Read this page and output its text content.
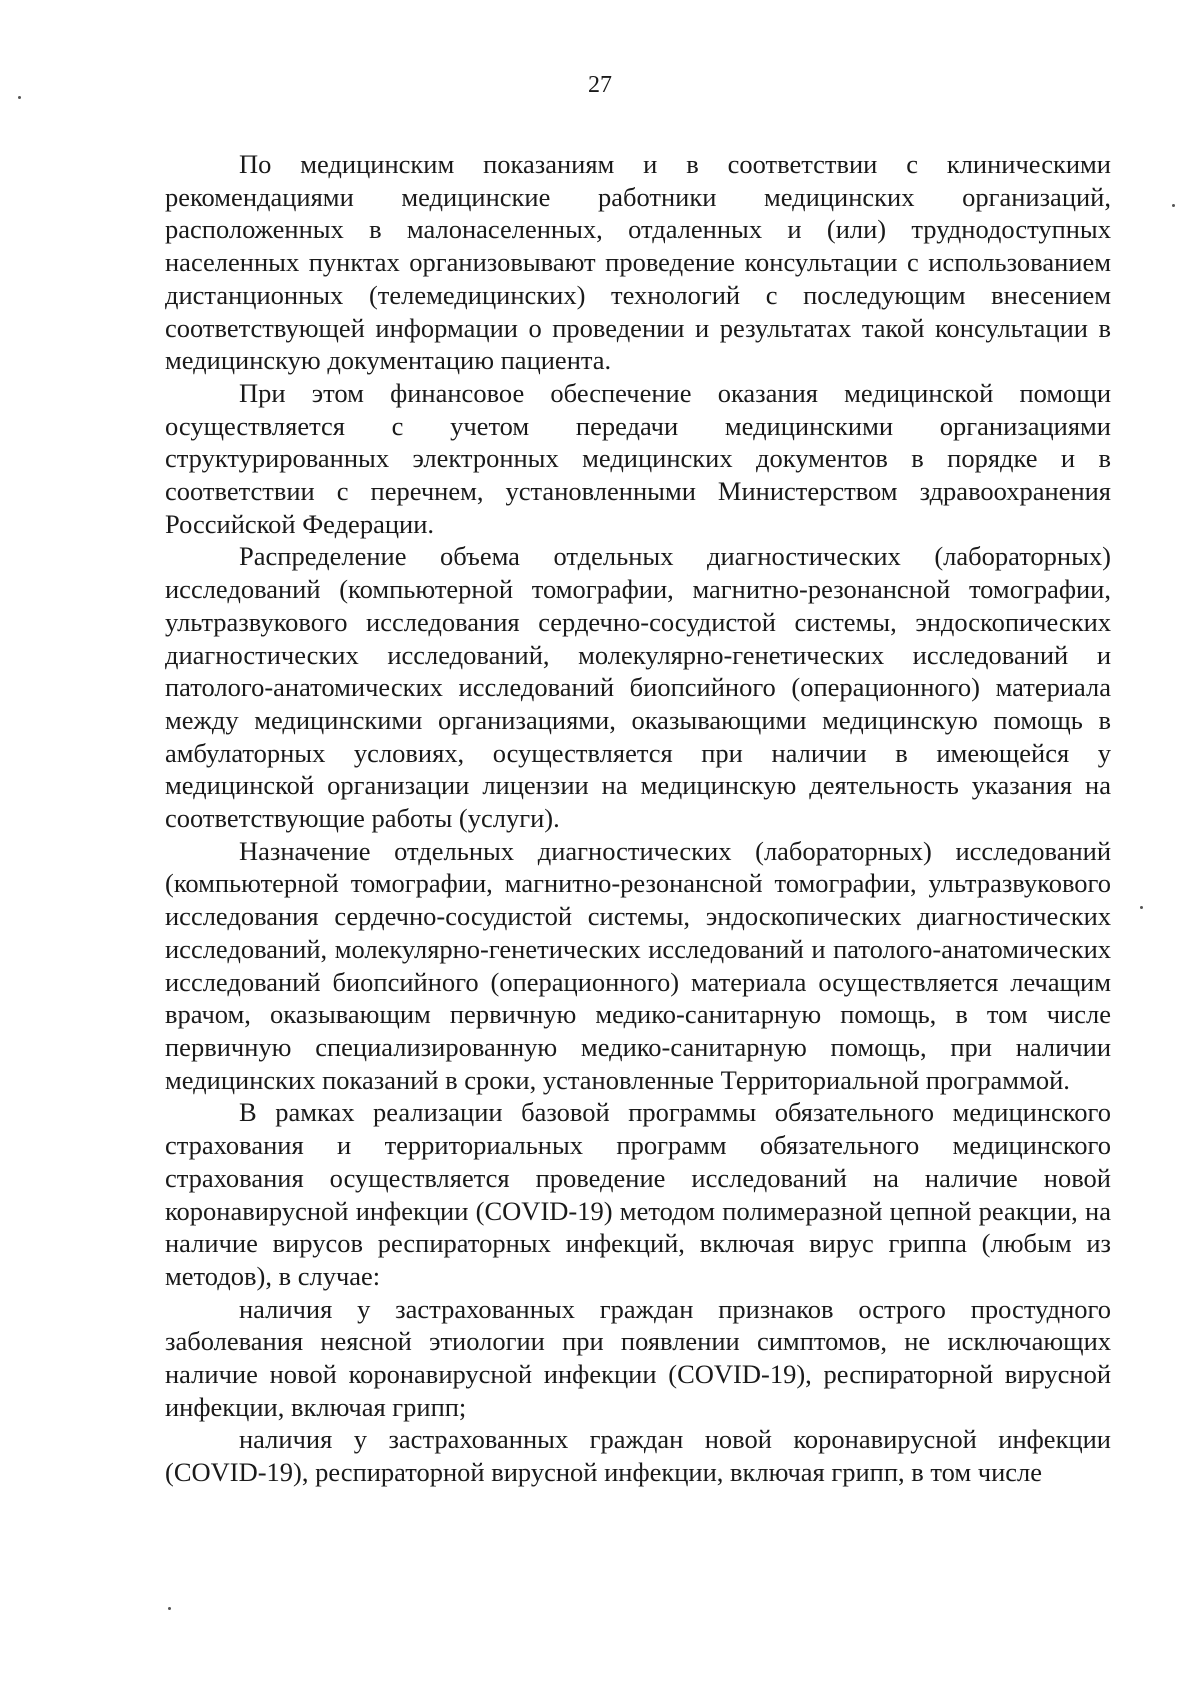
27

По медицинским показаниям и в соответствии с клиническими рекомендациями медицинские работники медицинских организаций, расположенных в малонаселенных, отдаленных и (или) труднодоступных населенных пунктах организовывают проведение консультации с использованием дистанционных (телемедицинских) технологий с последующим внесением соответствующей информации о проведении и результатах такой консультации в медицинскую документацию пациента.

При этом финансовое обеспечение оказания медицинской помощи осуществляется с учетом передачи медицинскими организациями структурированных электронных медицинских документов в порядке и в соответствии с перечнем, установленными Министерством здравоохранения Российской Федерации.

Распределение объема отдельных диагностических (лабораторных) исследований (компьютерной томографии, магнитно-резонансной томографии, ультразвукового исследования сердечно-сосудистой системы, эндоскопических диагностических исследований, молекулярно-генетических исследований и патолого-анатомических исследований биопсийного (операционного) материала между медицинскими организациями, оказывающими медицинскую помощь в амбулаторных условиях, осуществляется при наличии в имеющейся у медицинской организации лицензии на медицинскую деятельность указания на соответствующие работы (услуги).

Назначение отдельных диагностических (лабораторных) исследований (компьютерной томографии, магнитно-резонансной томографии, ультразвукового исследования сердечно-сосудистой системы, эндоскопических диагностических исследований, молекулярно-генетических исследований и патолого-анатомических исследований биопсийного (операционного) материала осуществляется лечащим врачом, оказывающим первичную медико-санитарную помощь, в том числе первичную специализированную медико-санитарную помощь, при наличии медицинских показаний в сроки, установленные Территориальной программой.

В рамках реализации базовой программы обязательного медицинского страхования и территориальных программ обязательного медицинского страхования осуществляется проведение исследований на наличие новой коронавирусной инфекции (COVID-19) методом полимеразной цепной реакции, на наличие вирусов респираторных инфекций, включая вирус гриппа (любым из методов), в случае:

наличия у застрахованных граждан признаков острого простудного заболевания неясной этиологии при появлении симптомов, не исключающих наличие новой коронавирусной инфекции (COVID-19), респираторной вирусной инфекции, включая грипп;

наличия у застрахованных граждан новой коронавирусной инфекции (COVID-19), респираторной вирусной инфекции, включая грипп, в том числе
